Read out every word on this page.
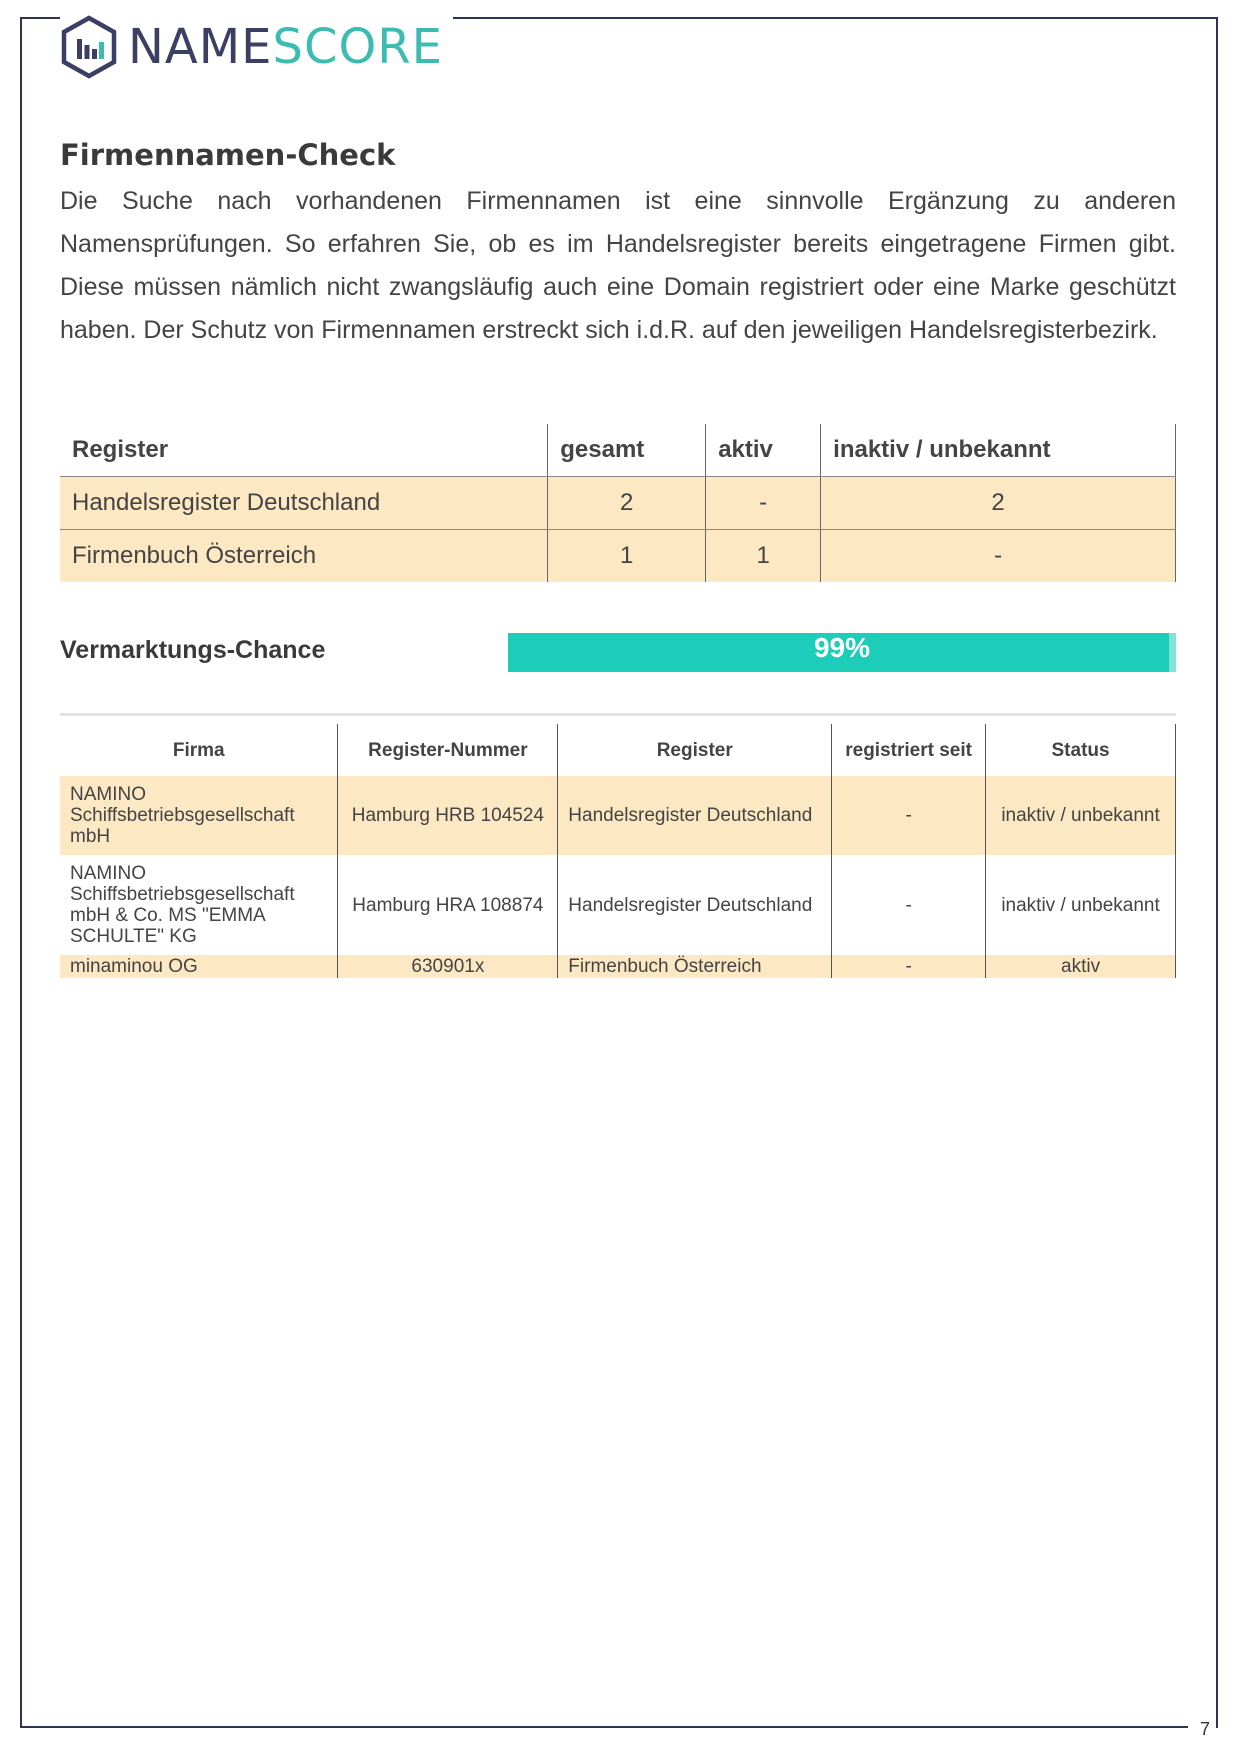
NAMESCORE
Firmennamen-Check

Die Suche nach vorhandenen Firmennamen ist eine sinnvolle Ergänzung zu anderen Namensprüfungen. So erfahren Sie, ob es im Handelsregister bereits eingetragene Firmen gibt. Diese müssen nämlich nicht zwangsläufig auch eine Domain registriert oder eine Marke geschützt haben. Der Schutz von Firmennamen erstreckt sich i.d.R. auf den jeweiligen Handelsregisterbezirk.

Register	gesamt	aktiv	inaktiv / unbekannt
Handelsregister Deutschland	2	-	2
Firmenbuch Österreich	1	1	-
Vermarktungs-Chance	99%
Firma	Register-Nummer	Register	registriert seit	Status
NAMINO Schiffsbetriebsgesellschaft mbH	Hamburg HRB 104524	Handelsregister Deutschland	-	inaktiv / unbekannt
NAMINO Schiffsbetriebsgesellschaft mbH & Co. MS "EMMA SCHULTE" KG	Hamburg HRA 108874	Handelsregister Deutschland	-	inaktiv / unbekannt
minaminou OG	630901x	Firmenbuch Österreich	-	aktiv
7
